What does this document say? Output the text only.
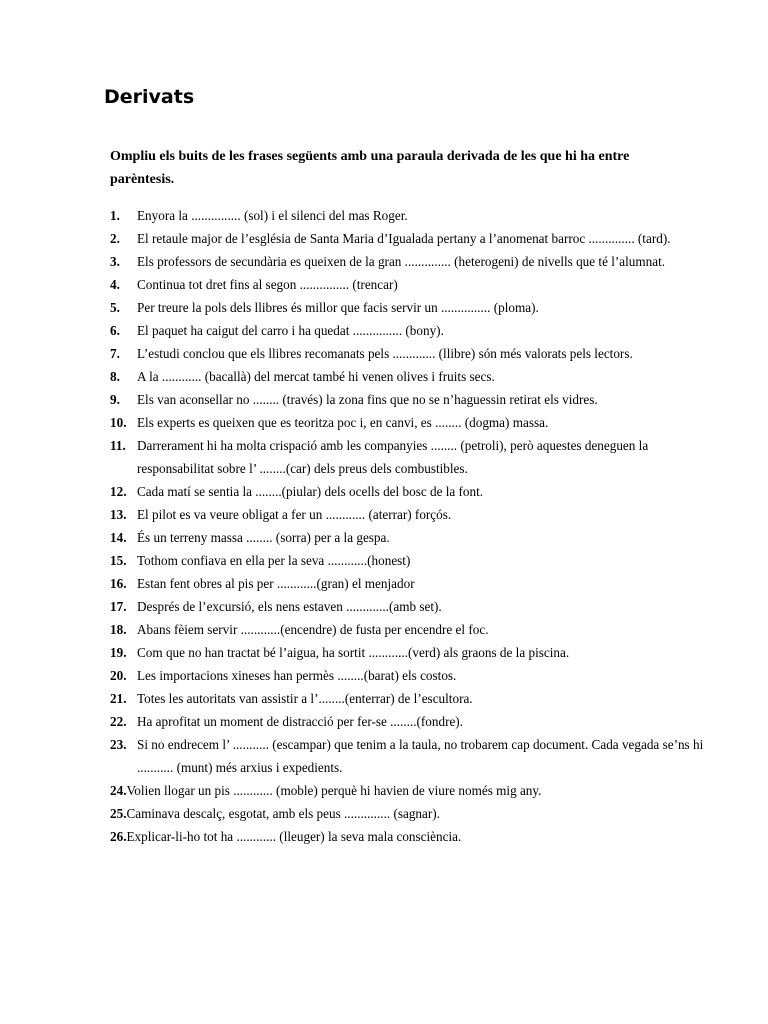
Derivats

Ompliu els buits de les frases següents amb una paraula derivada de les que hi ha entre parèntesis.

1.	Enyora la ............... (sol) i el silenci del mas Roger.
2.	El retaule major de l’església de Santa Maria d’Igualada pertany a l’anomenat barroc .............. (tard).
3.	Els professors de secundària es queixen de la gran .............. (heterogeni) de nivells que té l’alumnat.
4.	Continua tot dret fins al segon ............... (trencar)
5.	Per treure la pols dels llibres és millor que facis servir un ............... (ploma).
6.	El paquet ha caigut del carro i ha quedat ............... (bony).
7.	L’estudi conclou que els llibres recomanats pels ............. (llibre) són més valorats pels lectors.
8.	A la ............ (bacallà) del mercat també hi venen olives i fruits secs.
9.	Els van aconsellar no ........ (través) la zona fins que no se n’haguessin retirat els vidres.
10. Els experts es queixen que es teoritza poc i, en canvi, es ........ (dogma) massa.
11. Darrerament hi ha molta crispació amb les companyies ........ (petroli), però aquestes deneguen la responsabilitat sobre l’ ........(car) dels preus dels combustibles.
12. Cada matí se sentia la ........(piular) dels ocells del bosc de la font.
13. El pilot es va veure obligat a fer un ............ (aterrar) forçós.
14. És un terreny massa ........ (sorra) per a la gespa.
15. Tothom confiava en ella per la seva ............(honest)
16. Estan fent obres al pis per ............(gran) el menjador
17. Després de l’excursió, els nens estaven .............(amb set).
18. Abans fèiem servir ............(encendre) de fusta per encendre el foc.
19. Com que no han tractat bé l’aigua, ha sortit ............(verd) als graons de la piscina.
20. Les importacions xineses han permès ........(barat) els costos.
21. Totes les autoritats van assistir a l’........(enterrar) de l’escultora.
22. Ha aprofitat un moment de distracció per fer-se ........(fondre).
23. Si no endrecem l’ ........... (escampar) que tenim a la taula, no trobarem cap document. Cada vegada se’ns hi ........... (munt) més arxius i expedients.
24. Volien llogar un pis ............ (moble) perquè hi havien de viure només mig any.
25. Caminava descalç, esgotat, amb els peus .............. (sagnar).
26. Explicar-li-ho tot ha ............ (lleuger) la seva mala consciència.
